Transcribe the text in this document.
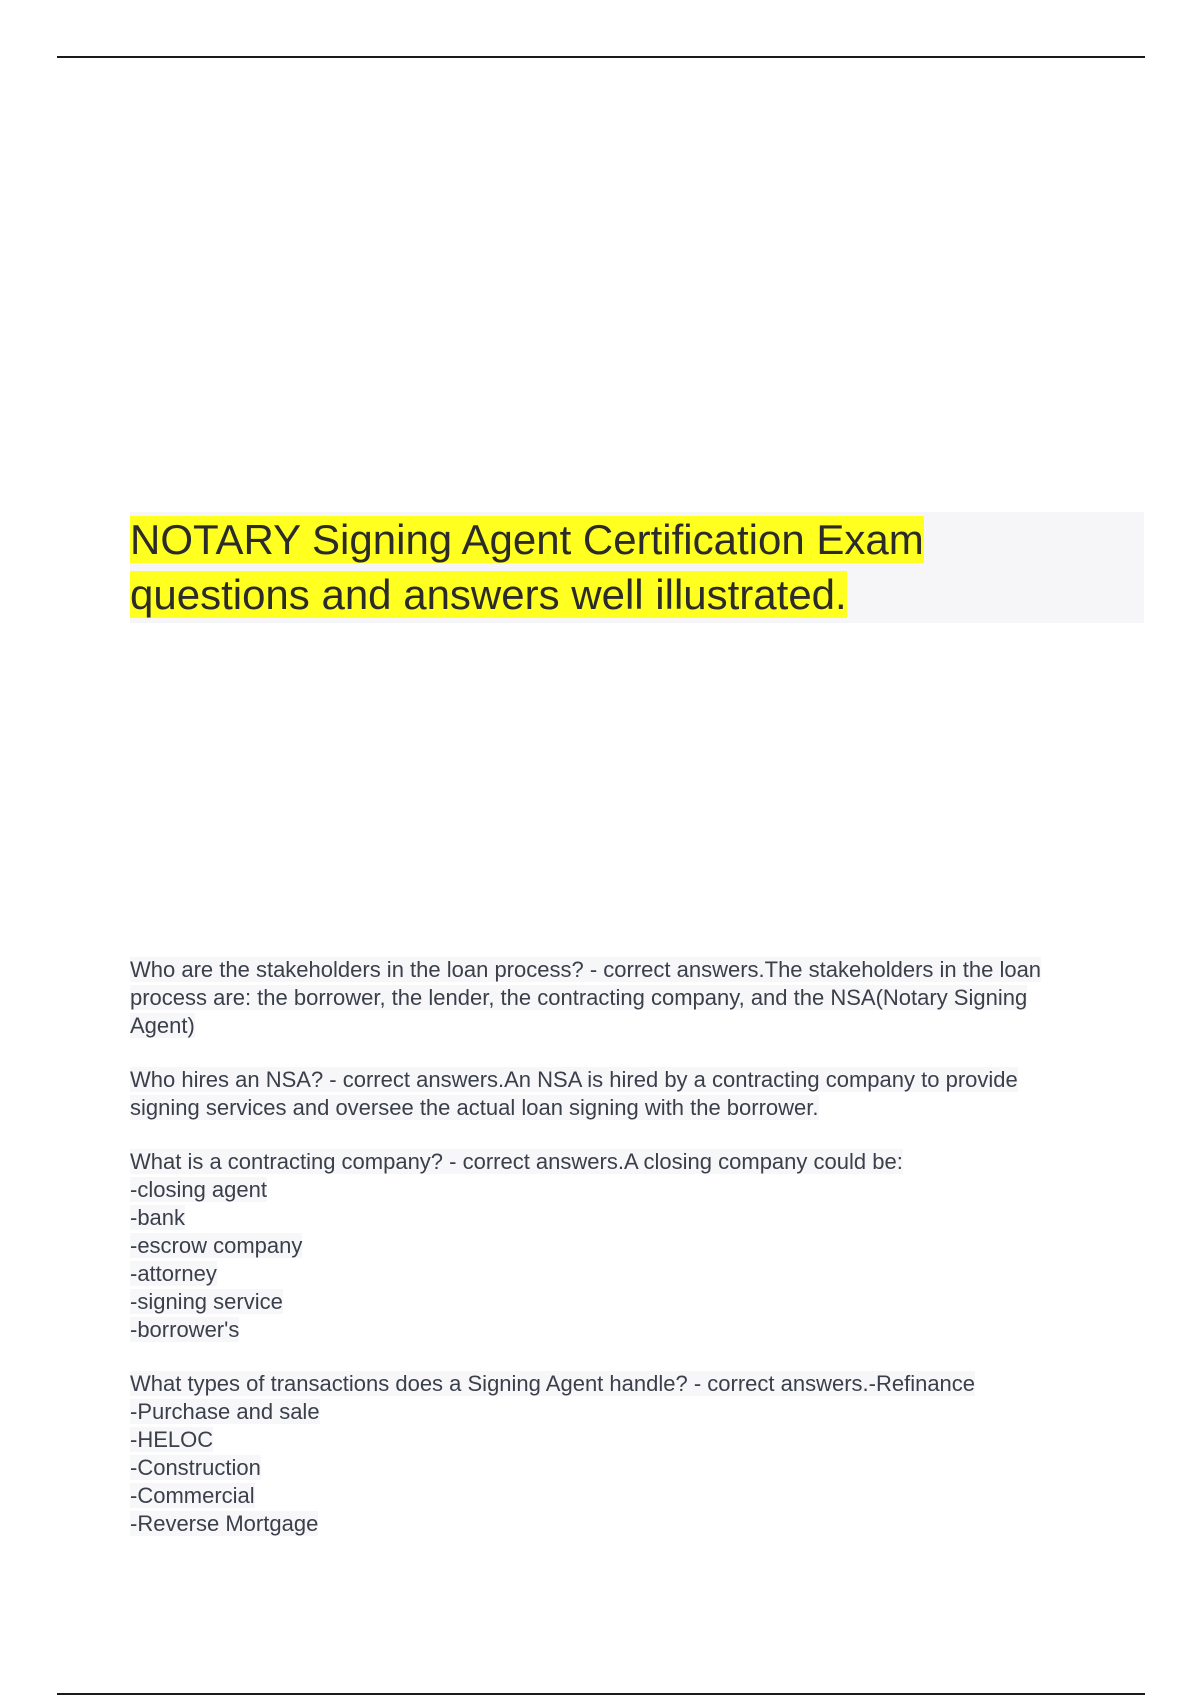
NOTARY Signing Agent Certification Exam
questions and answers well illustrated.
Who are the stakeholders in the loan process? - correct answers.The stakeholders in the loan
process are: the borrower, the lender, the contracting company, and the NSA(Notary Signing
Agent)
Who hires an NSA? - correct answers.An NSA is hired by a contracting company to provide
signing services and oversee the actual loan signing with the borrower.
What is a contracting company? - correct answers.A closing company could be:
-closing agent
-bank
-escrow company
-attorney
-signing service
-borrower's
What types of transactions does a Signing Agent handle? - correct answers.-Refinance
-Purchase and sale
-HELOC
-Construction
-Commercial
-Reverse Mortgage
